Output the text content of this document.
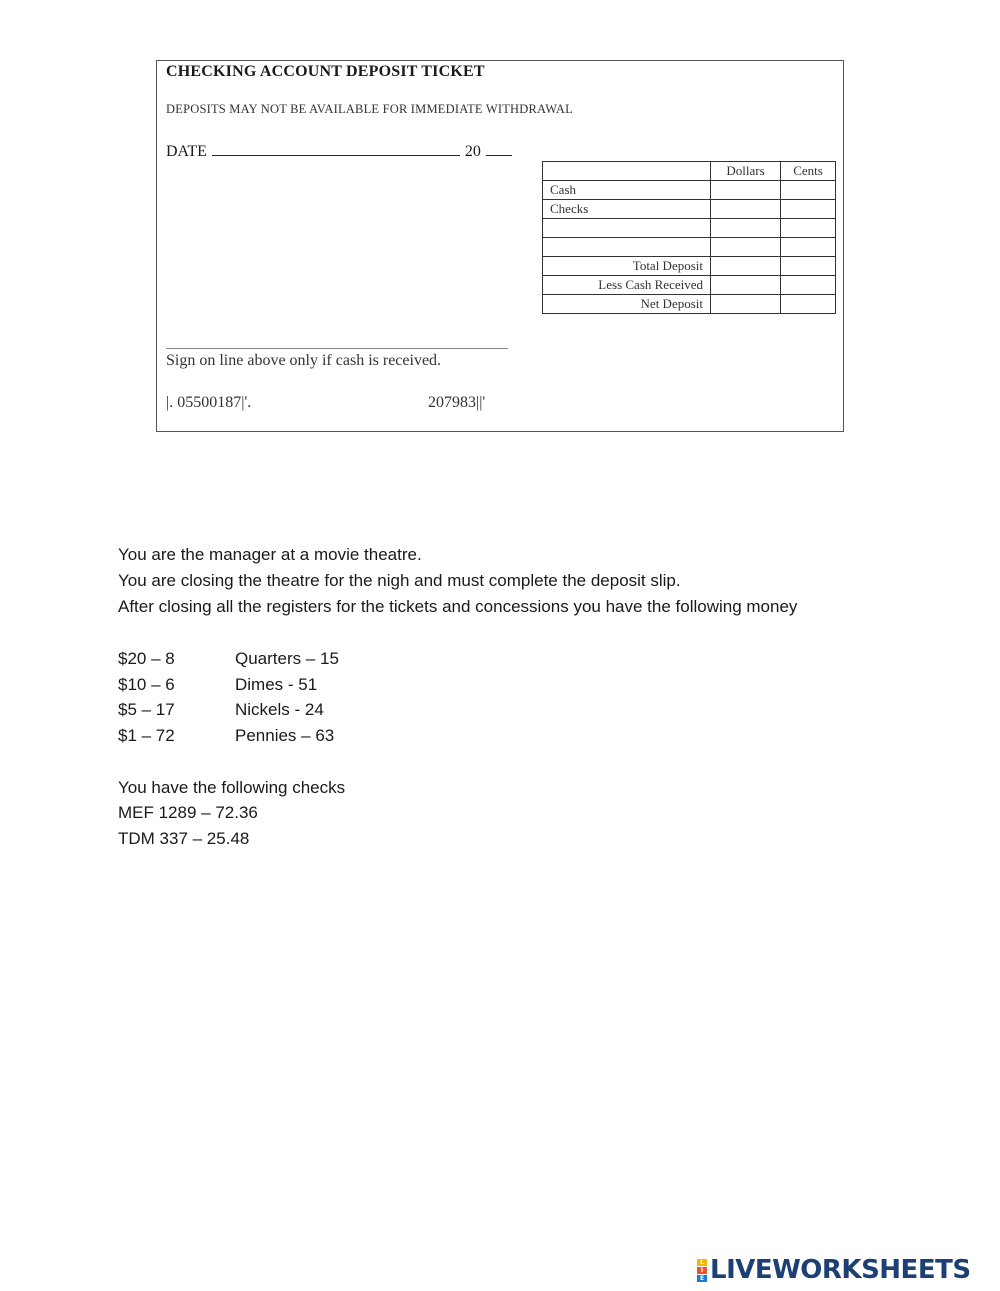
CHECKING ACCOUNT DEPOSIT TICKET
DEPOSITS MAY NOT BE AVAILABLE FOR IMMEDIATE WITHDRAWAL
DATE	20
	Dollars	Cents
Cash		
Checks		

Total Deposit		
Less Cash Received		
Net Deposit		
Sign on line above only if cash is received.
|. 05500187|'.	207983||'
You are the manager at a movie theatre.
You are closing the theatre for the nigh and must complete the deposit slip.
After closing all the registers for the tickets and concessions you have the following money
$20 – 8	Quarters – 15
$10 – 6	Dimes - 51
$5 – 17	Nickels - 24
$1 – 72	Pennies – 63
You have the following checks
MEF 1289 – 72.36
TDM 337 – 25.48
L
I
E LIVEWORKSHEETS
